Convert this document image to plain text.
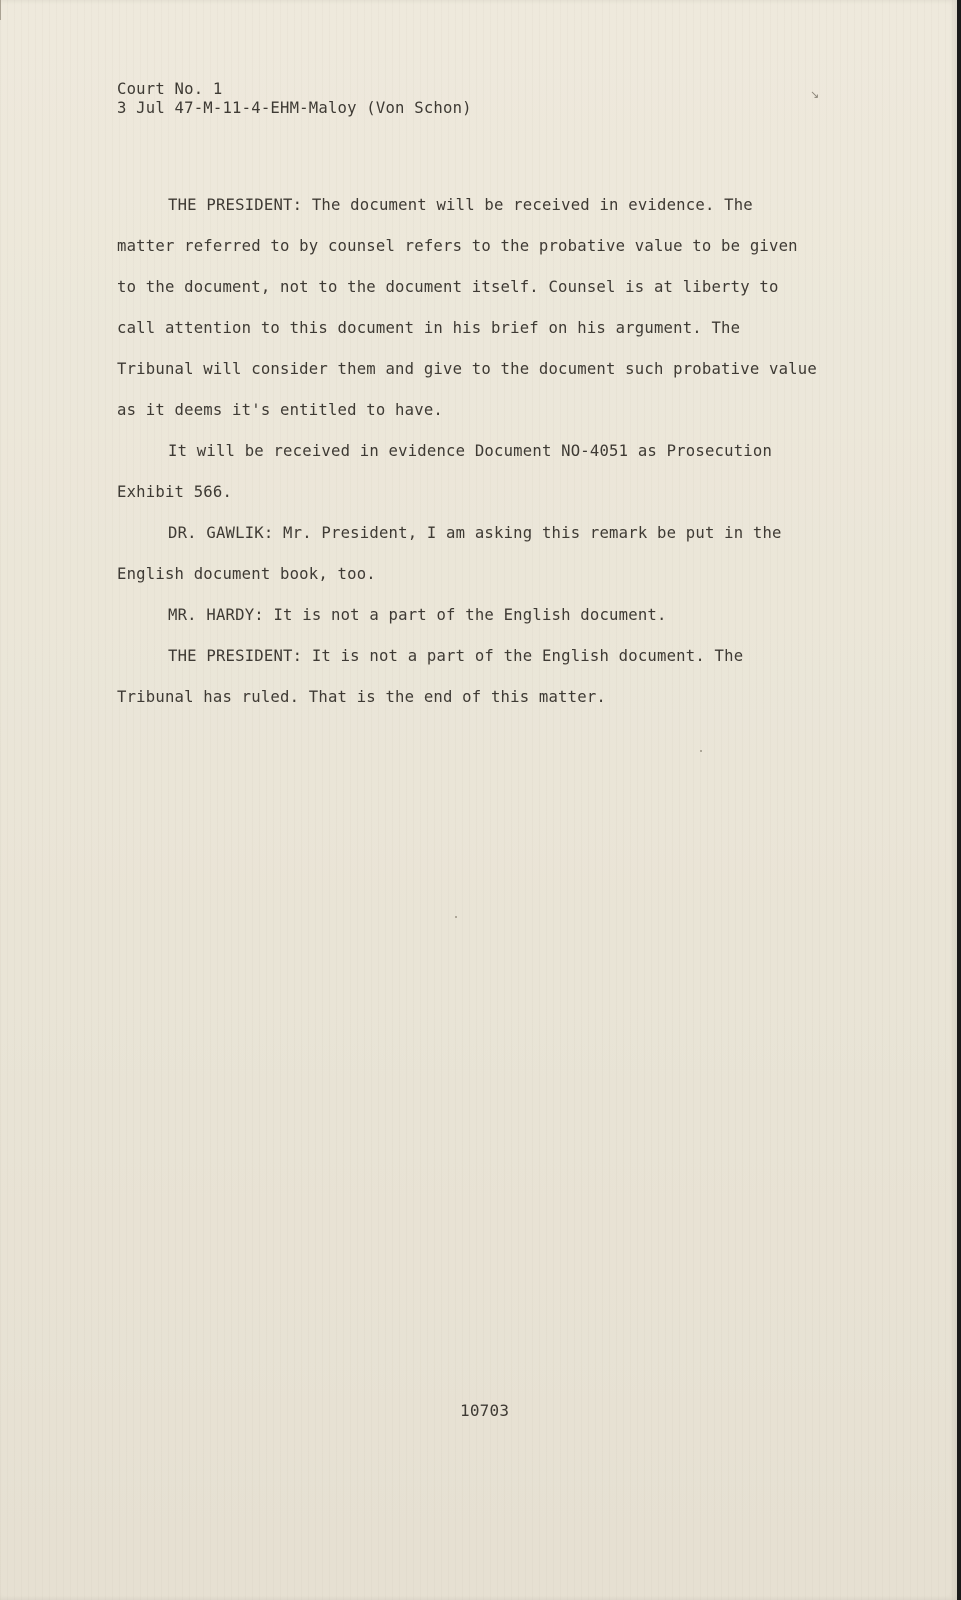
↘
Court No. 1
3 Jul 47-M-11-4-EHM-Maloy (Von Schon)
THE PRESIDENT: The document will be received in evidence. The
matter referred to by counsel refers to the probative value to be given
to the document, not to the document itself. Counsel is at liberty to
call attention to this document in his brief on his argument. The
Tribunal will consider them and give to the document such probative value
as it deems it's entitled to have.
It will be received in evidence Document NO-4051 as Prosecution
Exhibit 566.
DR. GAWLIK: Mr. President, I am asking this remark be put in the
English document book, too.
MR. HARDY: It is not a part of the English document.
THE PRESIDENT: It is not a part of the English document. The
Tribunal has ruled. That is the end of this matter.
10703
